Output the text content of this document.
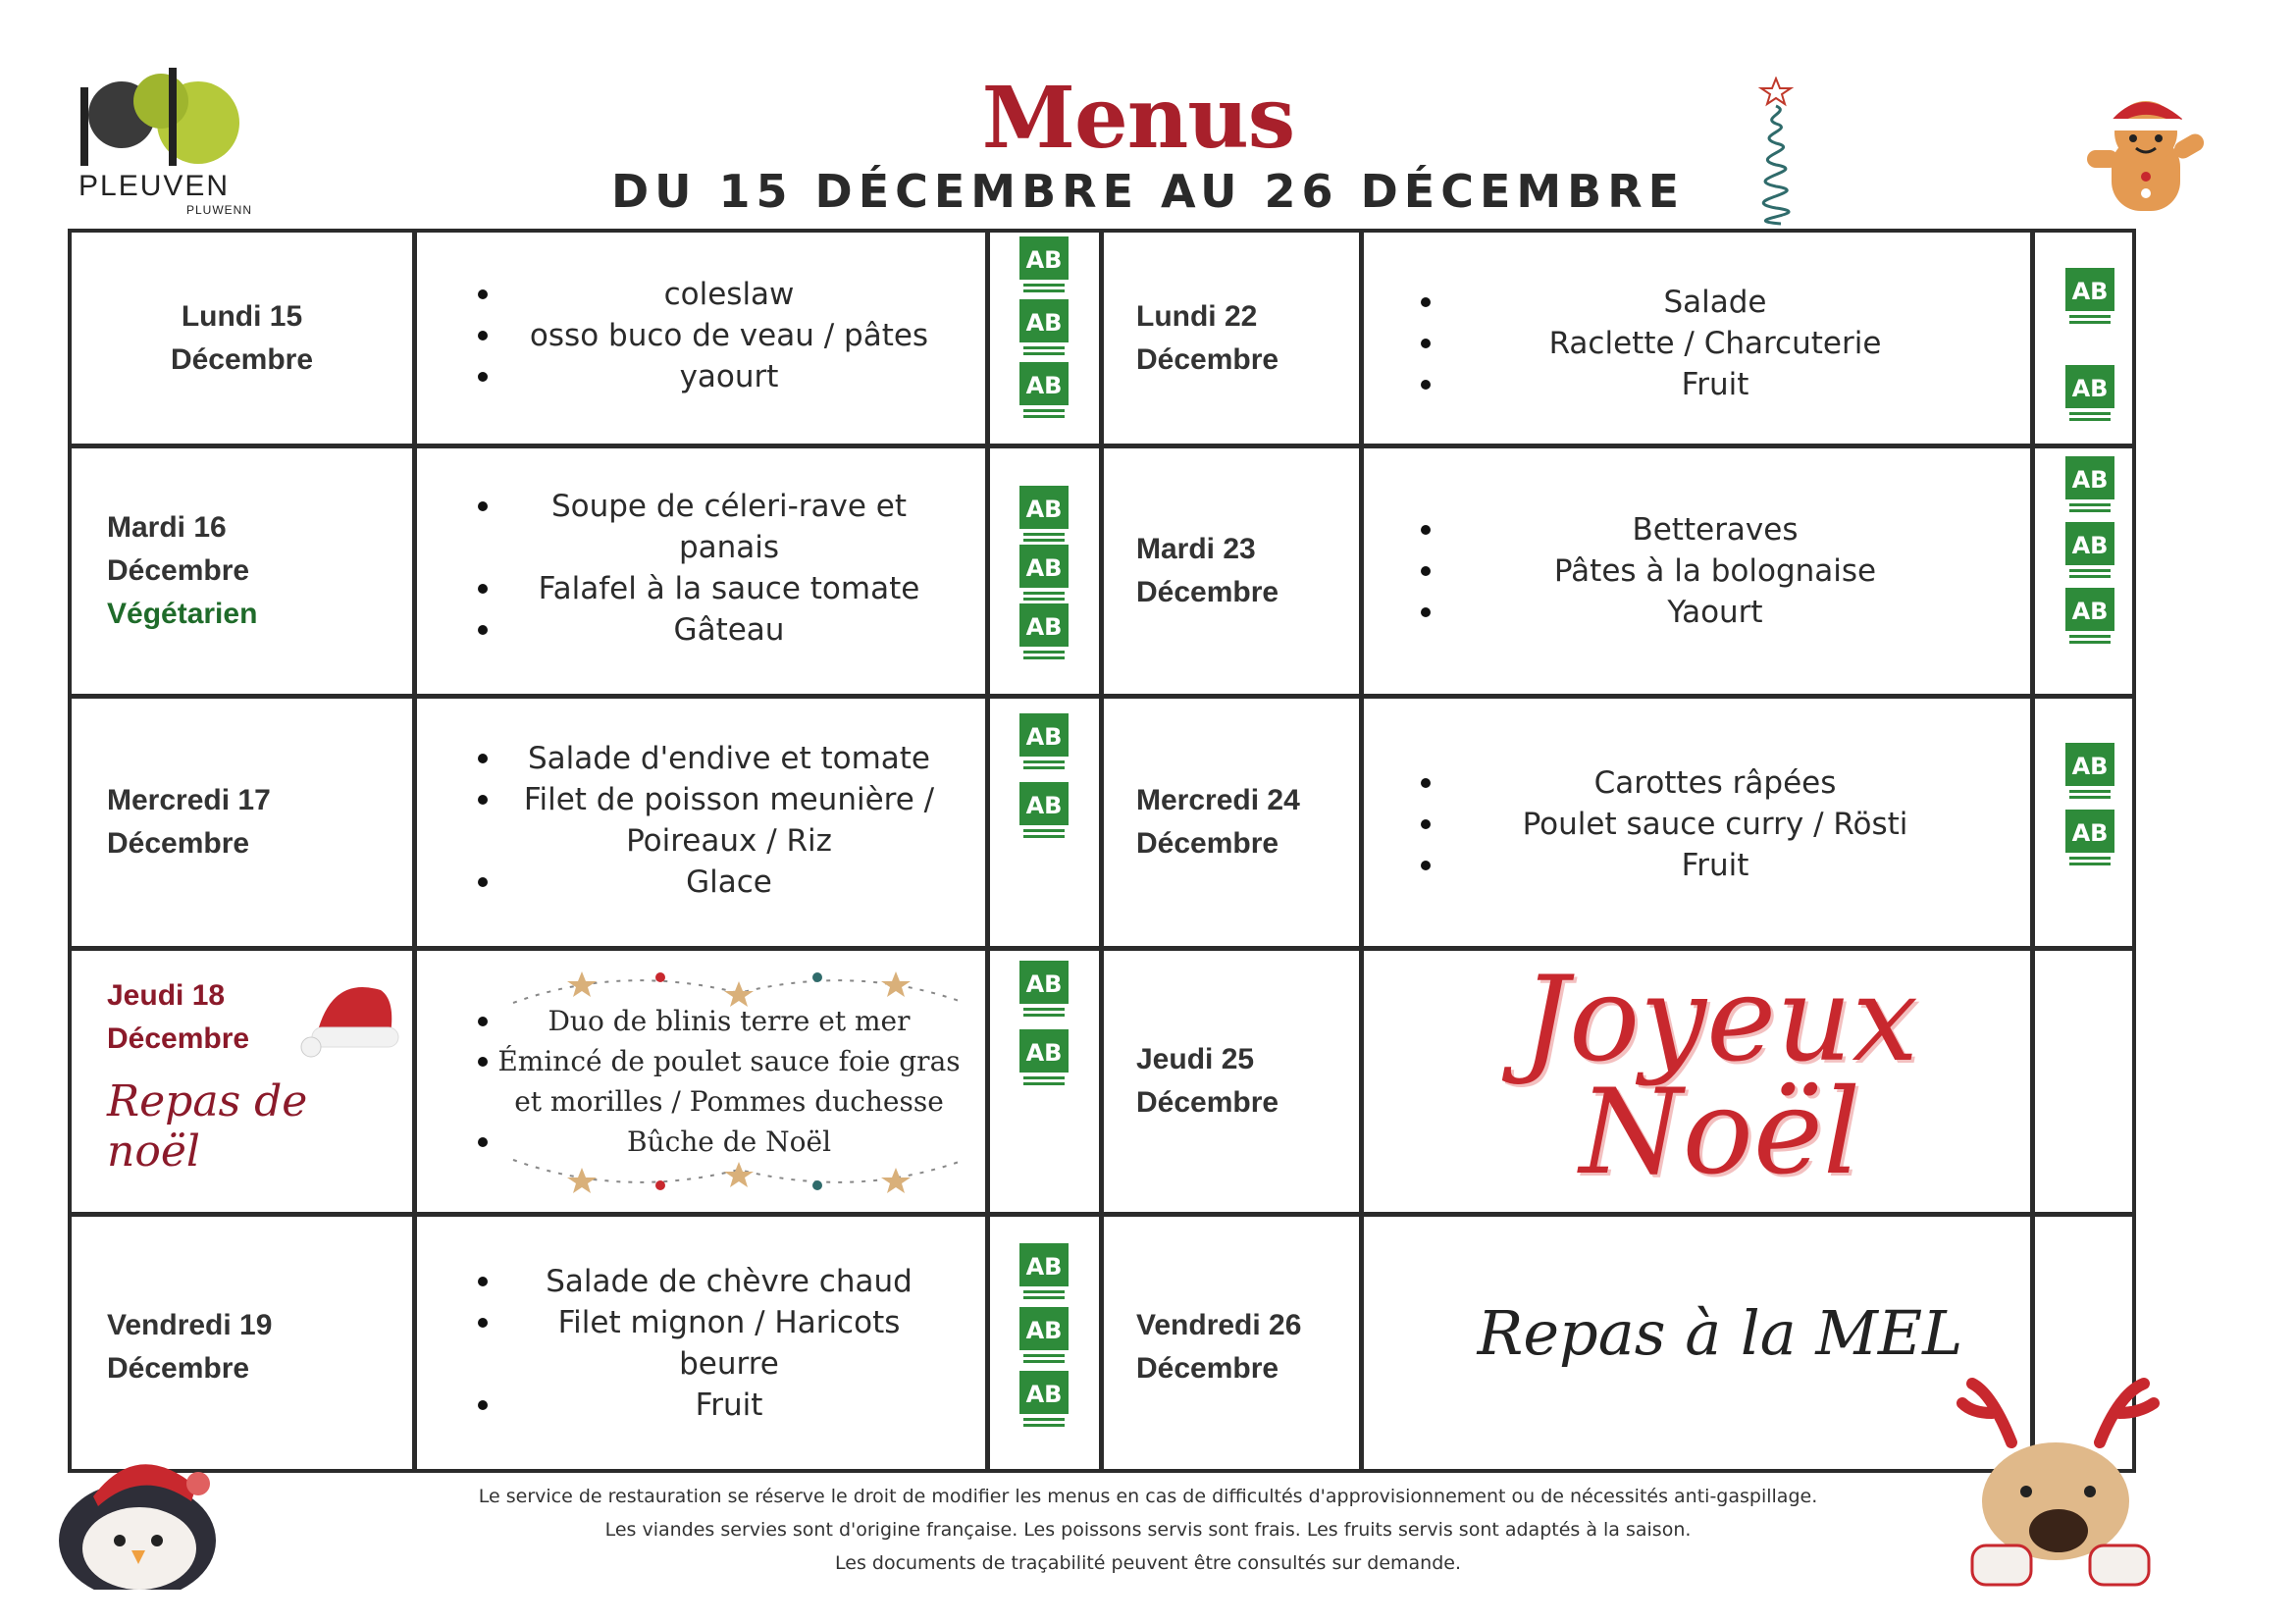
PLEUVEN
PLUWENN
Menus
DU 15 DÉCEMBRE AU 26 DÉCEMBRE
Lundi 15
Décembre
Mardi 16
Décembre
Végétarien
Mercredi 17
Décembre
Jeudi 18
Décembre
Repas de noël
Vendredi 19
Décembre
coleslaw
osso buco de veau / pâtes
yaourt
Soupe de céleri-rave et panais
Falafel à la sauce tomate
Gâteau
Salade d'endive et tomate
Filet de poisson meunière / Poireaux / Riz
Glace
Duo de blinis terre et mer
Émincé de poulet sauce foie gras et morilles / Pommes duchesse
Bûche de Noël
Salade de chèvre chaud
Filet mignon / Haricots beurre
Fruit
Lundi 22
Décembre
Mardi 23
Décembre
Mercredi 24
Décembre
Jeudi 25
Décembre
Vendredi 26
Décembre
Salade
Raclette / Charcuterie
Fruit
Betteraves
Pâtes à la bolognaise
Yaourt
Carottes râpées
Poulet sauce curry / Rösti
Fruit
Joyeux
Noël
Repas à la MEL
AB
AB
AB
AB
AB
AB
AB
AB
AB
AB
AB
AB
AB
AB
AB
AB
AB
AB
AB
AB
Le service de restauration se réserve le droit de modifier les menus en cas de difficultés d'approvisionnement ou de nécessités anti-gaspillage.
Les viandes servies sont d'origine française. Les poissons servis sont frais. Les fruits servis sont adaptés à la saison.
Les documents de traçabilité peuvent être consultés sur demande.
